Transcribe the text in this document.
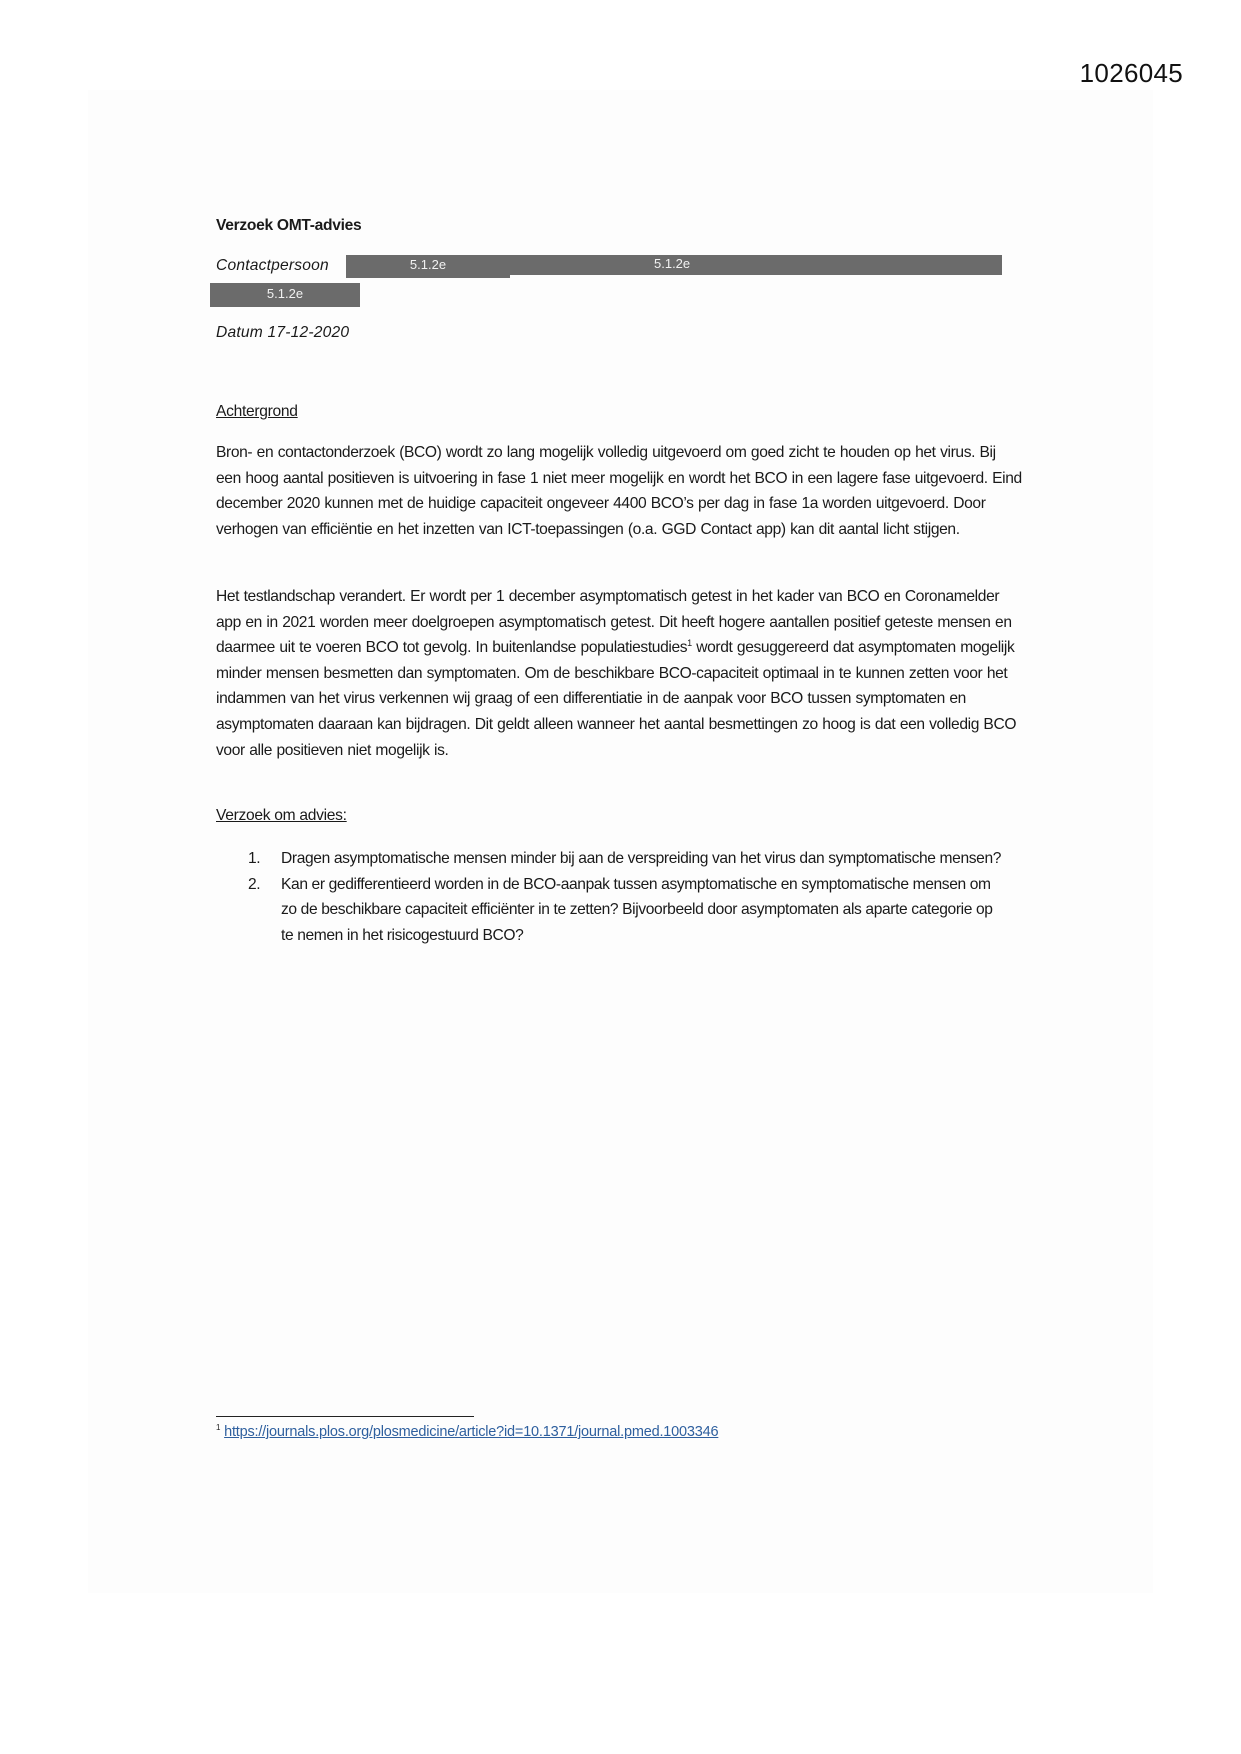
1026045
Verzoek OMT-advies
Contactpersoon	5.1.2e	5.1.2e
5.1.2e
Datum 17-12-2020
Achtergrond

Bron- en contactonderzoek (BCO) wordt zo lang mogelijk volledig uitgevoerd om goed zicht te houden op het virus. Bij een hoog aantal positieven is uitvoering in fase 1 niet meer mogelijk en wordt het BCO in een lagere fase uitgevoerd. Eind december 2020 kunnen met de huidige capaciteit ongeveer 4400 BCO’s per dag in fase 1a worden uitgevoerd. Door verhogen van efficiëntie en het inzetten van ICT-toepassingen (o.a. GGD Contact app) kan dit aantal licht stijgen.

Het testlandschap verandert. Er wordt per 1 december asymptomatisch getest in het kader van BCO en Coronamelder app en in 2021 worden meer doelgroepen asymptomatisch getest. Dit heeft hogere aantallen positief geteste mensen en daarmee uit te voeren BCO tot gevolg. In buitenlandse populatiestudies$^1$ wordt gesuggereerd dat asymptomaten mogelijk minder mensen besmetten dan symptomaten. Om de beschikbare BCO-capaciteit optimaal in te kunnen zetten voor het indammen van het virus verkennen wij graag of een differentiatie in de aanpak voor BCO tussen symptomaten en asymptomaten daaraan kan bijdragen. Dit geldt alleen wanneer het aantal besmettingen zo hoog is dat een volledig BCO voor alle positieven niet mogelijk is.

Verzoek om advies:
1. Dragen asymptomatische mensen minder bij aan de verspreiding van het virus dan symptomatische mensen?
2. Kan er gedifferentieerd worden in de BCO-aanpak tussen asymptomatische en symptomatische mensen om zo de beschikbare capaciteit efficiënter in te zetten? Bijvoorbeeld door asymptomaten als aparte categorie op te nemen in het risicogestuurd BCO?
$^1$ https://journals.plos.org/plosmedicine/article?id=10.1371/journal.pmed.1003346
